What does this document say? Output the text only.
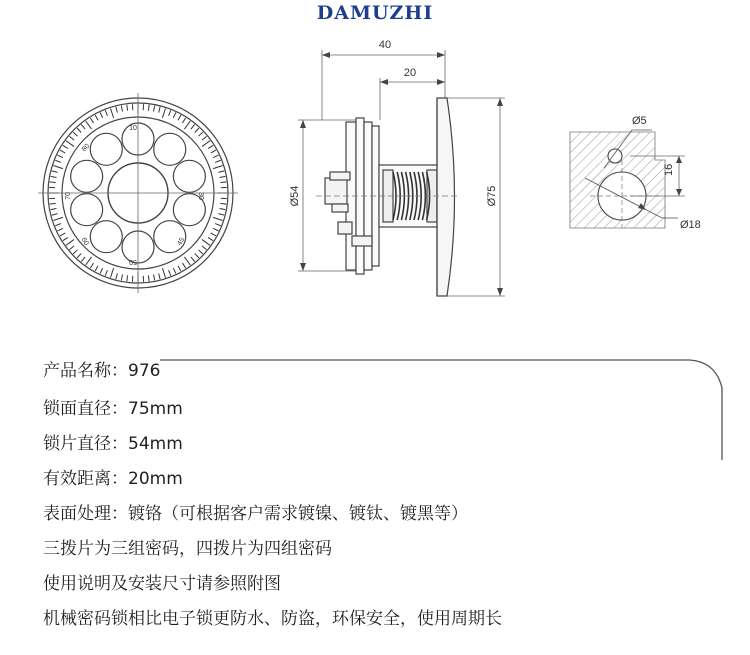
DAMUZHI
10
30
45
50
60
70
80
40
20
Ø54	Ø75
Ø5
16
Ø18
产品名称：976
锁面直径：75mm
锁片直径：54mm
有效距离：20mm
表面处理：镀铬（可根据客户需求镀镍、镀钛、镀黑等）
三拨片为三组密码，四拨片为四组密码
使用说明及安装尺寸请参照附图
机械密码锁相比电子锁更防水、防盗，环保安全，使用周期长
